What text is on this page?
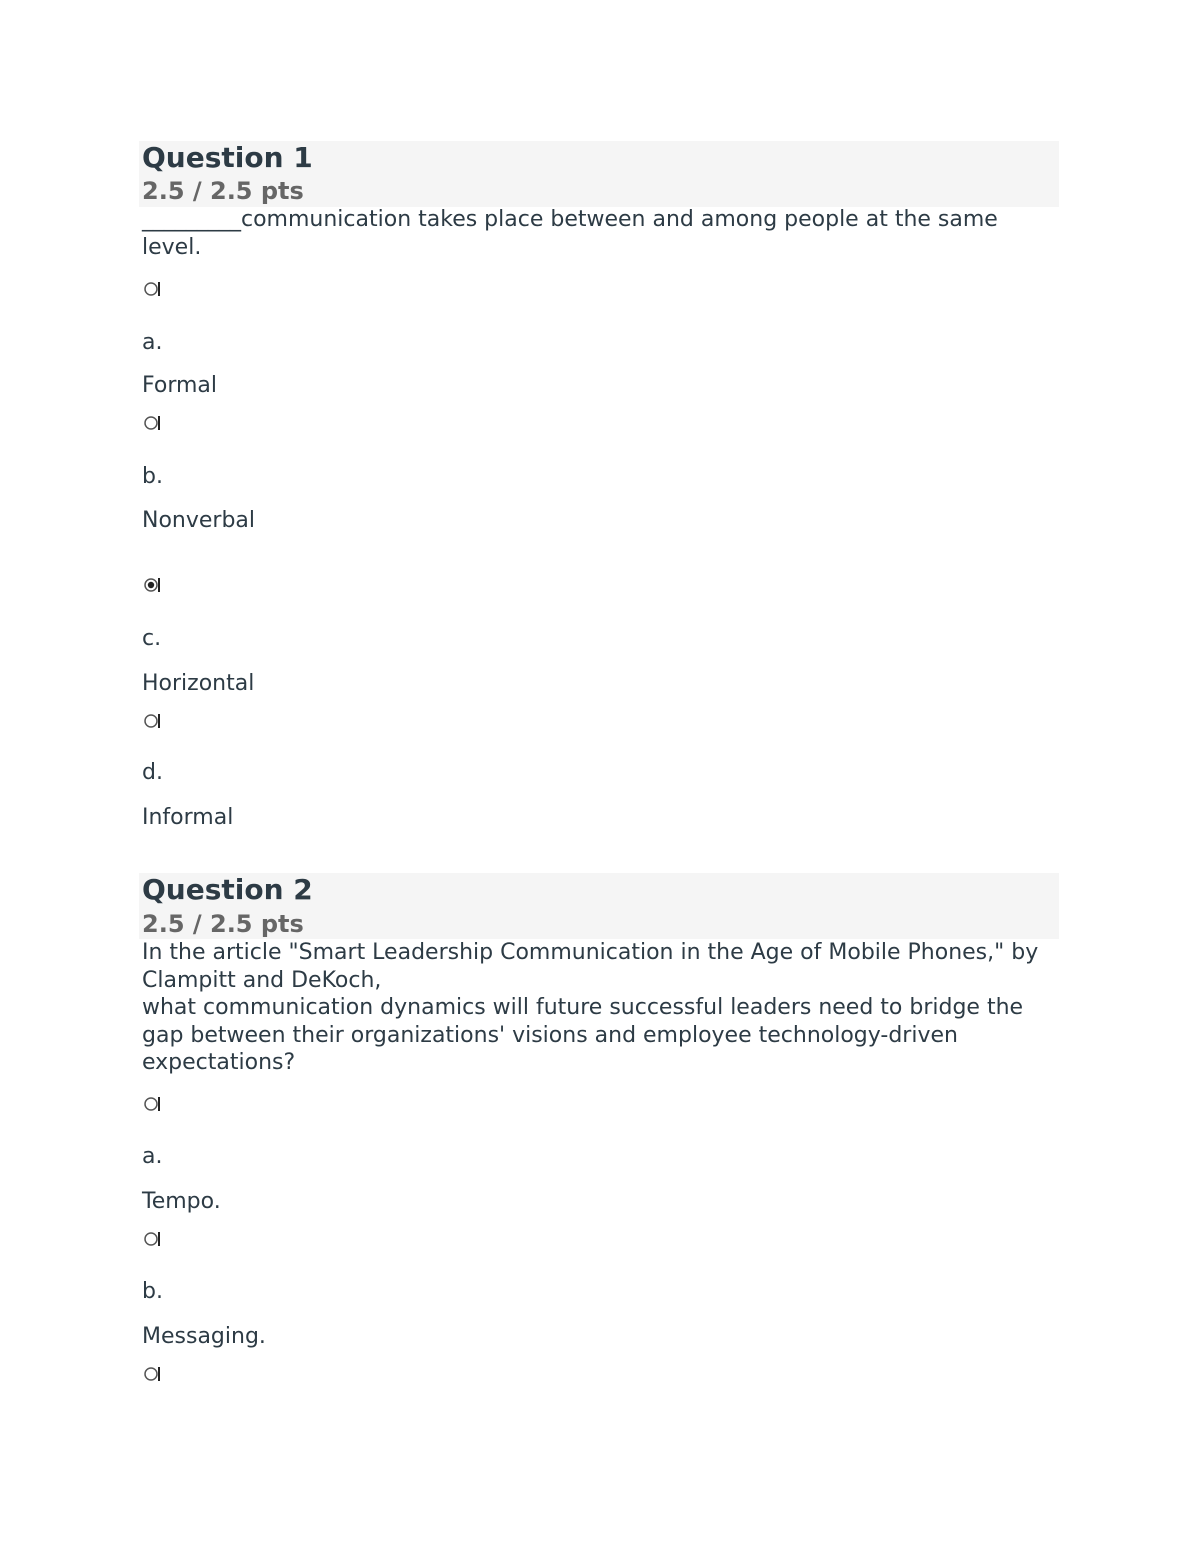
Question 1
2.5 / 2.5 pts
_________communication takes place between and among people at the same level.
a.
Formal
b.
Nonverbal
c.
Horizontal
d.
Informal
Question 2
2.5 / 2.5 pts
In the article "Smart Leadership Communication in the Age of Mobile Phones," by Clampitt and DeKoch,
what communication dynamics will future successful leaders need to bridge the gap between their organizations' visions and employee technology-driven expectations?
a.
Tempo.
b.
Messaging.
